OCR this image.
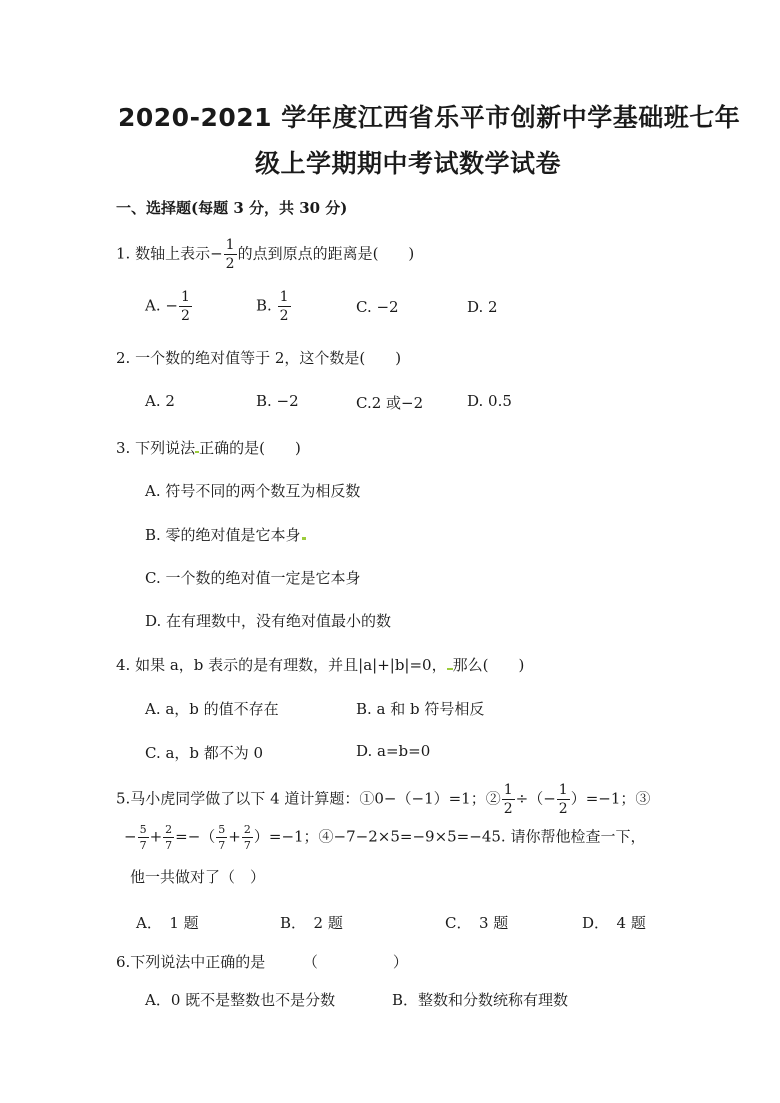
2020-2021 学年度江西省乐平市创新中学基础班七年
级上学期期中考试数学试卷
一、选择题(每题 3 分，共 30 分)
1. 数轴上表示− $\frac{1}{2}$ 的点到原点的距离是(　　)
A. − $\frac{1}{2}$	B. $\frac{1}{2}$	C. −2	D. 2
2. 一个数的绝对值等于 2，这个数是(　　)
A. 2	B. −2	C.2 或−2	D. 0.5
3. 下列说法 正确的是(　　)
A. 符号不同的两个数互为相反数
B. 零的绝对值是它本身
C. 一个数的绝对值一定是它本身
D. 在有理数中，没有绝对值最小的数
4. 如果 a，b 表示的是有理数，并且|a|+|b|=0， 那么(　　)
A. a，b 的值不存在	B. a 和 b 符号相反
C. a，b 都不为 0	D. a=b=0
5.马小虎同学做了以下 4 道计算题：①0−（−1）=1；② $\frac{1}{2}$ ÷（− $\frac{1}{2} )=-1$；③
− $\frac{5}{7} + \frac{2}{7}$ =−（ $\frac{5}{7} + \frac{2}{7} )=-1$；④−7−2×5=−9×5=−45. 请你帮他检查一下，
他一共做对了（　）
A．　1 题	B．　2 题	C．　3 题	D．　4 题
6.下列说法中正确的是　　　（　　　　　）
A．0 既不是整数也不是分数	B．整数和分数统称有理数
